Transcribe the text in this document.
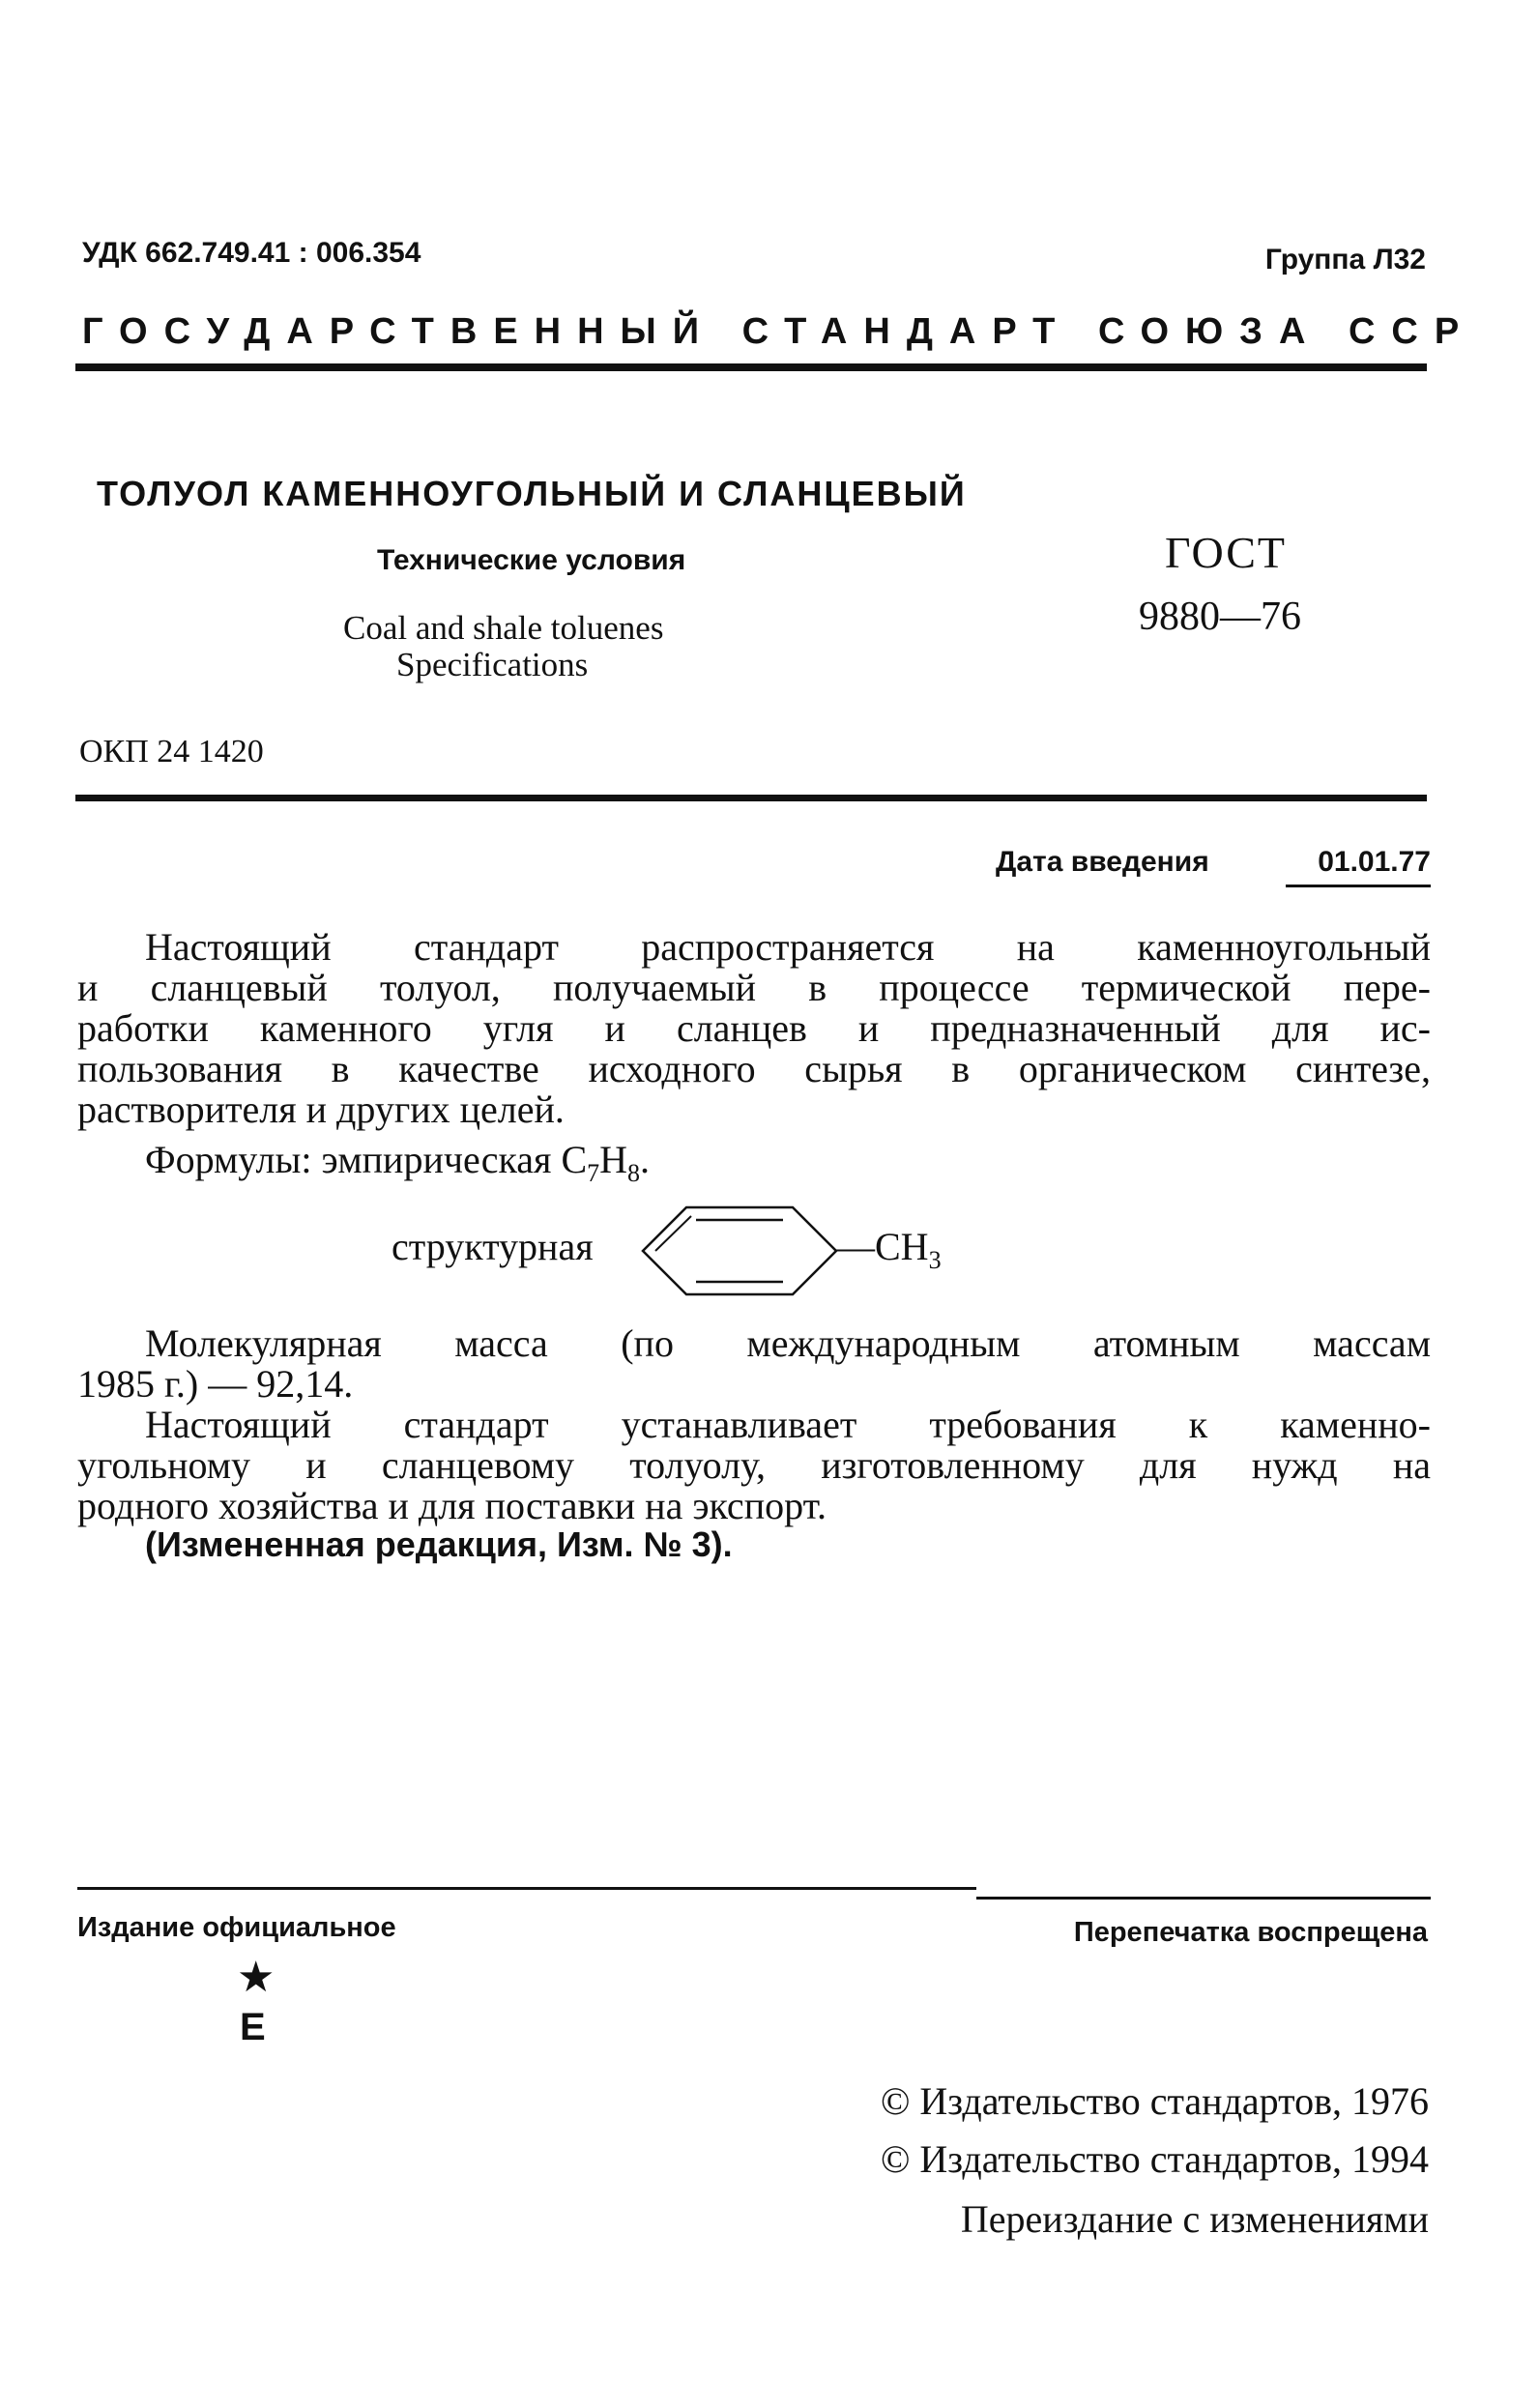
УДК 662.749.41 : 006.354	Группа Л32
ГОСУДАРСТВЕННЫЙ СТАНДАРТ СОЮЗА ССР
ТОЛУОЛ КАМЕННОУГОЛЬНЫЙ И СЛАНЦЕВЫЙ
Технические условия
Coal and shale toluenes
Specifications
ГОСТ
9880—76
ОКП 24 1420
Дата введения	01.01.77
Настоящий стандарт распространяется на каменноугольный
и сланцевый толуол, получаемый в процессе термической пере-
работки каменного угля и сланцев и предназначенный для ис-
пользования в качестве исходного сырья в органическом синтезе,
растворителя и других целей.
Формулы: эмпирическая $C_7H_8$.
структурная	$—CH_3$
Молекулярная масса (по международным атомным массам
1985 г.) — 92,14.
Настоящий стандарт устанавливает требования к каменно-
угольному и сланцевому толуолу, изготовленному для нужд на
родного хозяйства и для поставки на экспорт.
(Измененная редакция, Изм. № 3).
Издание официальное	Перепечатка воспрещена
★
Е
© Издательство стандартов, 1976
© Издательство стандартов, 1994
Переиздание с изменениями
